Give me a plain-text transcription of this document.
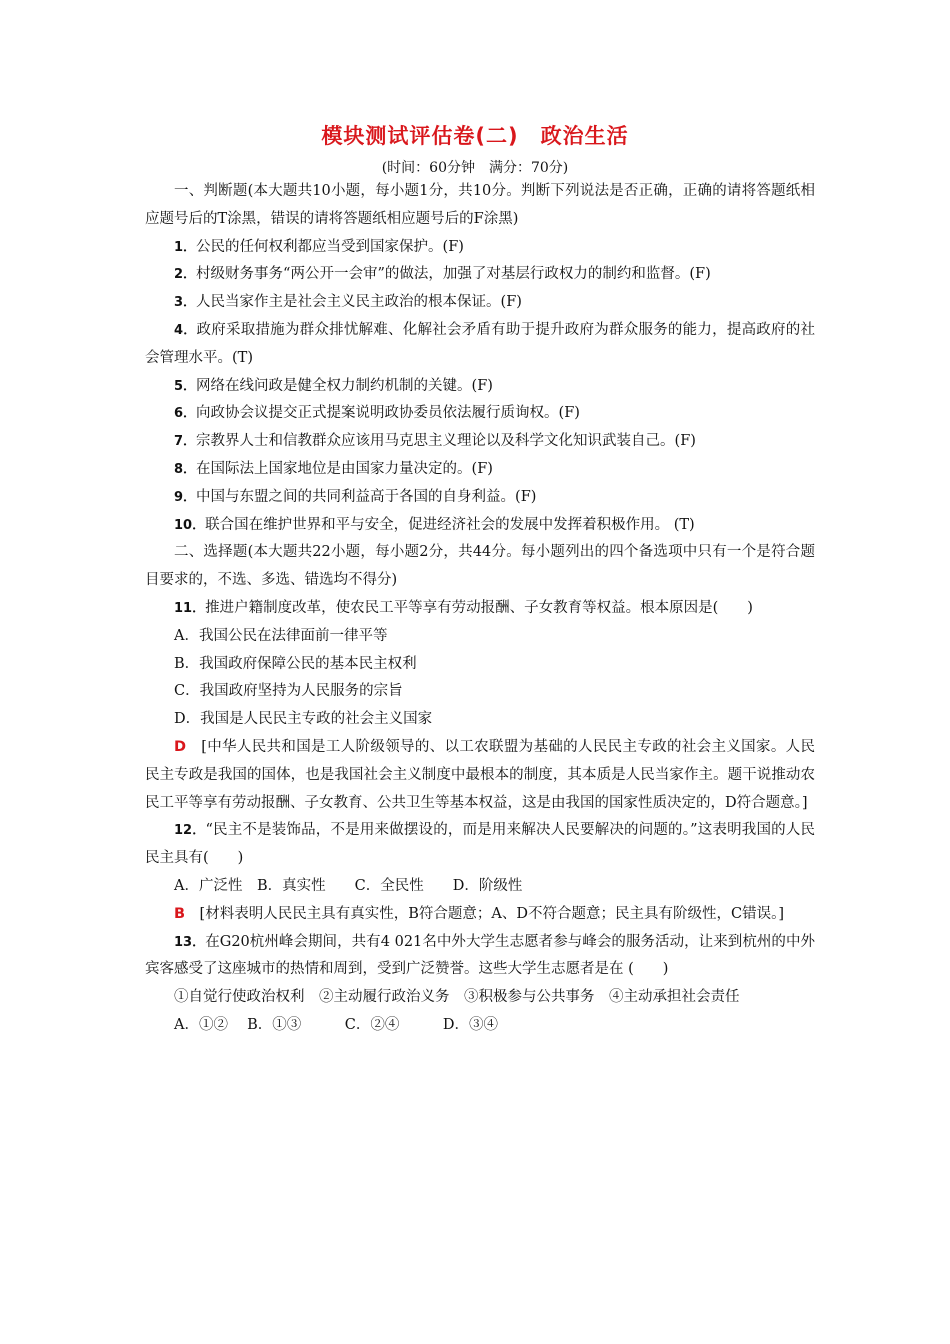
模块测试评估卷(二)　政治生活
(时间：60分钟　满分：70分)

一、判断题(本大题共10小题，每小题1分，共10分。判断下列说法是否正确，正确的请将答题纸相应题号后的T涂黑，错误的请将答题纸相应题号后的F涂黑)

1．公民的任何权利都应当受到国家保护。(F)

2．村级财务事务“两公开一会审”的做法，加强了对基层行政权力的制约和监督。(F)

3．人民当家作主是社会主义民主政治的根本保证。(F)

4．政府采取措施为群众排忧解难、化解社会矛盾有助于提升政府为群众服务的能力，提高政府的社会管理水平。(T)

5．网络在线问政是健全权力制约机制的关键。(F)

6．向政协会议提交正式提案说明政协委员依法履行质询权。(F)

7．宗教界人士和信教群众应该用马克思主义理论以及科学文化知识武装自己。(F)

8．在国际法上国家地位是由国家力量决定的。(F)

9．中国与东盟之间的共同利益高于各国的自身利益。(F)

10．联合国在维护世界和平与安全，促进经济社会的发展中发挥着积极作用。 (T)

二、选择题(本大题共22小题，每小题2分，共44分。每小题列出的四个备选项中只有一个是符合题目要求的，不选、多选、错选均不得分)

11．推进户籍制度改革，使农民工平等享有劳动报酬、子女教育等权益。根本原因是(　　)

A．我国公民在法律面前一律平等

B．我国政府保障公民的基本民主权利

C．我国政府坚持为人民服务的宗旨

D．我国是人民民主专政的社会主义国家

D　[中华人民共和国是工人阶级领导的、以工农联盟为基础的人民民主专政的社会主义国家。人民民主专政是我国的国体，也是我国社会主义制度中最根本的制度，其本质是人民当家作主。题干说推动农民工平等享有劳动报酬、子女教育、公共卫生等基本权益，这是由我国的国家性质决定的，D符合题意。]

12．“民主不是装饰品，不是用来做摆设的，而是用来解决人民要解决的问题的。”这表明我国的人民民主具有(　　)

A．广泛性　B．真实性　　C．全民性　　D．阶级性

B　[材料表明人民民主具有真实性，B符合题意；A、D不符合题意；民主具有阶级性，C错误。]

13．在G20杭州峰会期间，共有4 021名中外大学生志愿者参与峰会的服务活动，让来到杭州的中外宾客感受了这座城市的热情和周到，受到广泛赞誉。这些大学生志愿者是在 (　　)

①自觉行使政治权利　②主动履行政治义务　③积极参与公共事务　④主动承担社会责任

A．①②　 B．①③　　　C．②④　　　D．③④
